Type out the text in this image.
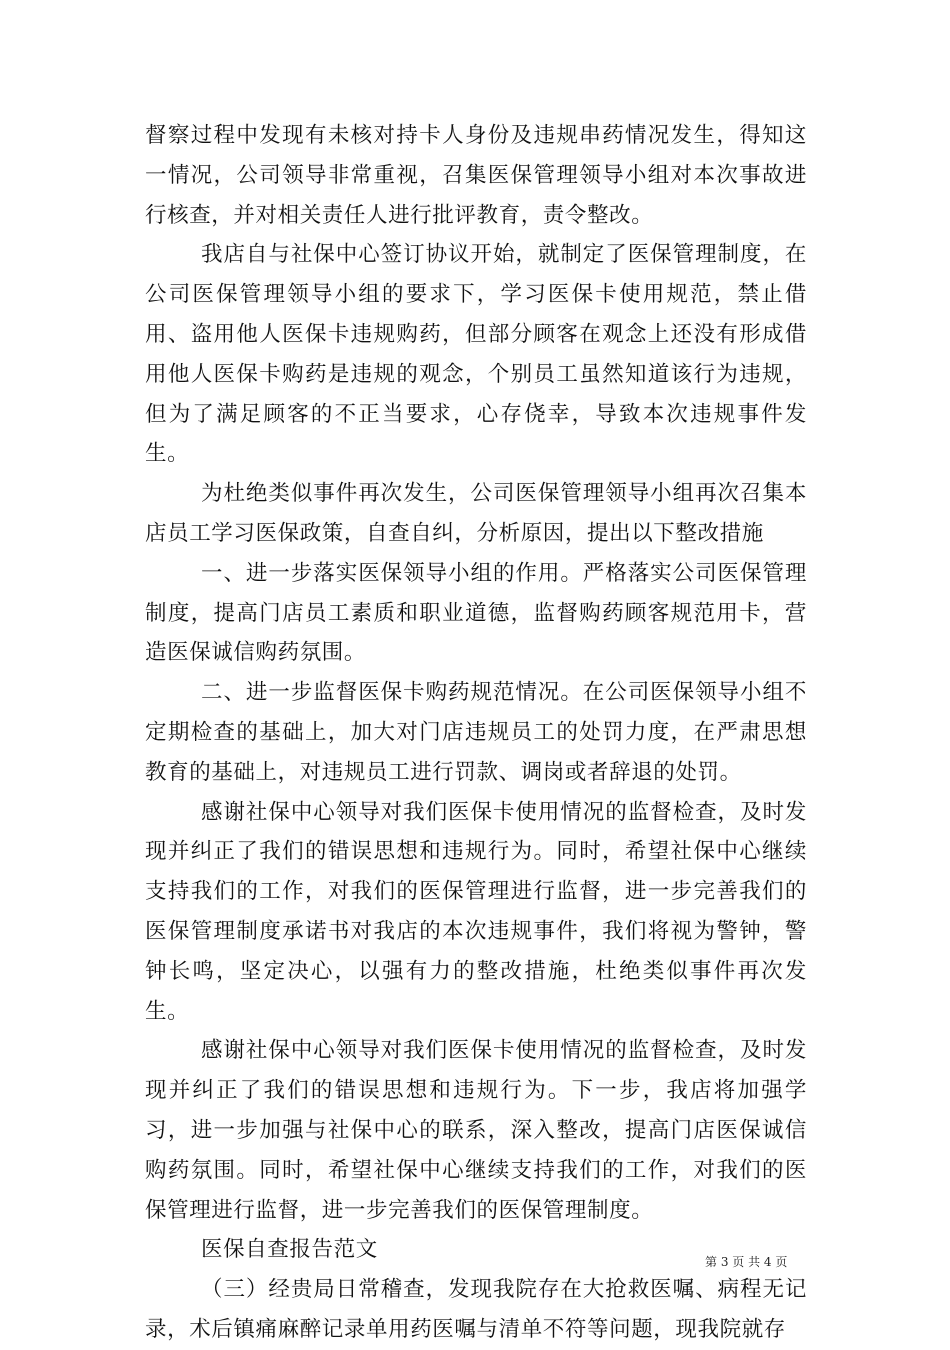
督察过程中发现有未核对持卡人身份及违规串药情况发生，得知这一情况，公司领导非常重视，召集医保管理领导小组对本次事故进行核查，并对相关责任人进行批评教育，责令整改。

我店自与社保中心签订协议开始，就制定了医保管理制度，在公司医保管理领导小组的要求下，学习医保卡使用规范，禁止借用、盗用他人医保卡违规购药，但部分顾客在观念上还没有形成借用他人医保卡购药是违规的观念，个别员工虽然知道该行为违规，但为了满足顾客的不正当要求，心存侥幸，导致本次违规事件发生。

为杜绝类似事件再次发生，公司医保管理领导小组再次召集本店员工学习医保政策，自查自纠，分析原因，提出以下整改措施

一、进一步落实医保领导小组的作用。严格落实公司医保管理制度，提高门店员工素质和职业道德，监督购药顾客规范用卡，营造医保诚信购药氛围。

二、进一步监督医保卡购药规范情况。在公司医保领导小组不定期检查的基础上，加大对门店违规员工的处罚力度，在严肃思想教育的基础上，对违规员工进行罚款、调岗或者辞退的处罚。

感谢社保中心领导对我们医保卡使用情况的监督检查，及时发现并纠正了我们的错误思想和违规行为。同时，希望社保中心继续支持我们的工作，对我们的医保管理进行监督，进一步完善我们的医保管理制度承诺书对我店的本次违规事件，我们将视为警钟，警钟长鸣，坚定决心，以强有力的整改措施，杜绝类似事件再次发生。

感谢社保中心领导对我们医保卡使用情况的监督检查，及时发现并纠正了我们的错误思想和违规行为。下一步，我店将加强学习，进一步加强与社保中心的联系，深入整改，提高门店医保诚信购药氛围。同时，希望社保中心继续支持我们的工作，对我们的医保管理进行监督，进一步完善我们的医保管理制度。

医保自查报告范文

（三）经贵局日常稽查，发现我院存在大抢救医嘱、病程无记录，术后镇痛麻醉记录单用药医嘱与清单不符等问题，现我院就存

第 3 页 共 4 页
